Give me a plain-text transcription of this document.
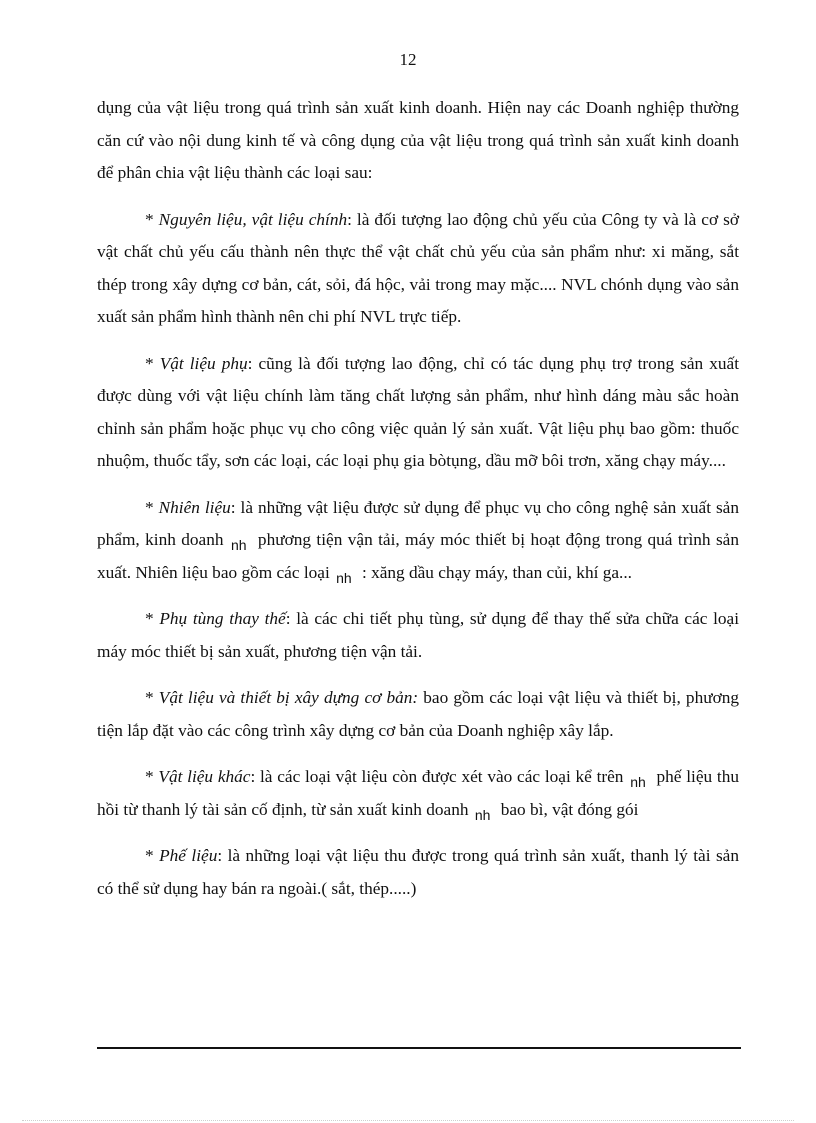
12

dụng của vật liệu trong quá trình sản xuất kinh doanh. Hiện nay các Doanh nghiệp thường căn cứ vào nội dung kinh tế và công dụng của vật liệu trong quá trình sản xuất kinh doanh để phân chia vật liệu thành các loại sau:

* Nguyên liệu, vật liệu chính: là đối tượng lao động chủ yếu của Công ty và là cơ sở vật chất chủ yếu cấu thành nên thực thể vật chất chủ yếu của sản phẩm như: xi măng, sắt thép trong xây dựng cơ bản, cát, sỏi, đá hộc, vải trong may mặc.... NVL chónh dụng vào sản xuất sản phẩm hình thành nên chi phí NVL trực tiếp.

* Vật liệu phụ: cũng là đối tượng lao động, chỉ có tác dụng phụ trợ trong sản xuất được dùng với vật liệu chính làm tăng chất lượng sản phẩm, như hình dáng màu sắc hoàn chỉnh sản phẩm hoặc phục vụ cho công việc quản lý sản xuất. Vật liệu phụ bao gồm: thuốc nhuộm, thuốc tẩy, sơn các loại, các loại phụ gia bòtụng, dầu mỡ bôi trơn, xăng chạy máy....

* Nhiên liệu: là những vật liệu được sử dụng để phục vụ cho công nghệ sản xuất sản phẩm, kinh doanh $_{nh}$ phương tiện vận tải, máy móc thiết bị hoạt động trong quá trình sản xuất. Nhiên liệu bao gồm các loại $_{nh}$ : xăng dầu chạy máy, than củi, khí ga...

* Phụ tùng thay thế: là các chi tiết phụ tùng, sử dụng để thay thế sửa chữa các loại máy móc thiết bị sản xuất, phương tiện vận tải.

* Vật liệu và thiết bị xây dựng cơ bản: bao gồm các loại vật liệu và thiết bị, phương tiện lắp đặt vào các công trình xây dựng cơ bản của Doanh nghiệp xây lắp.

* Vật liệu khác: là các loại vật liệu còn được xét vào các loại kể trên $_{nh}$ phế liệu thu hồi từ thanh lý tài sản cố định, từ sản xuất kinh doanh $_{nh}$ bao bì, vật đóng gói

* Phế liệu: là những loại vật liệu thu được trong quá trình sản xuất, thanh lý tài sản có thể sử dụng hay bán ra ngoài.( sắt, thép.....)
